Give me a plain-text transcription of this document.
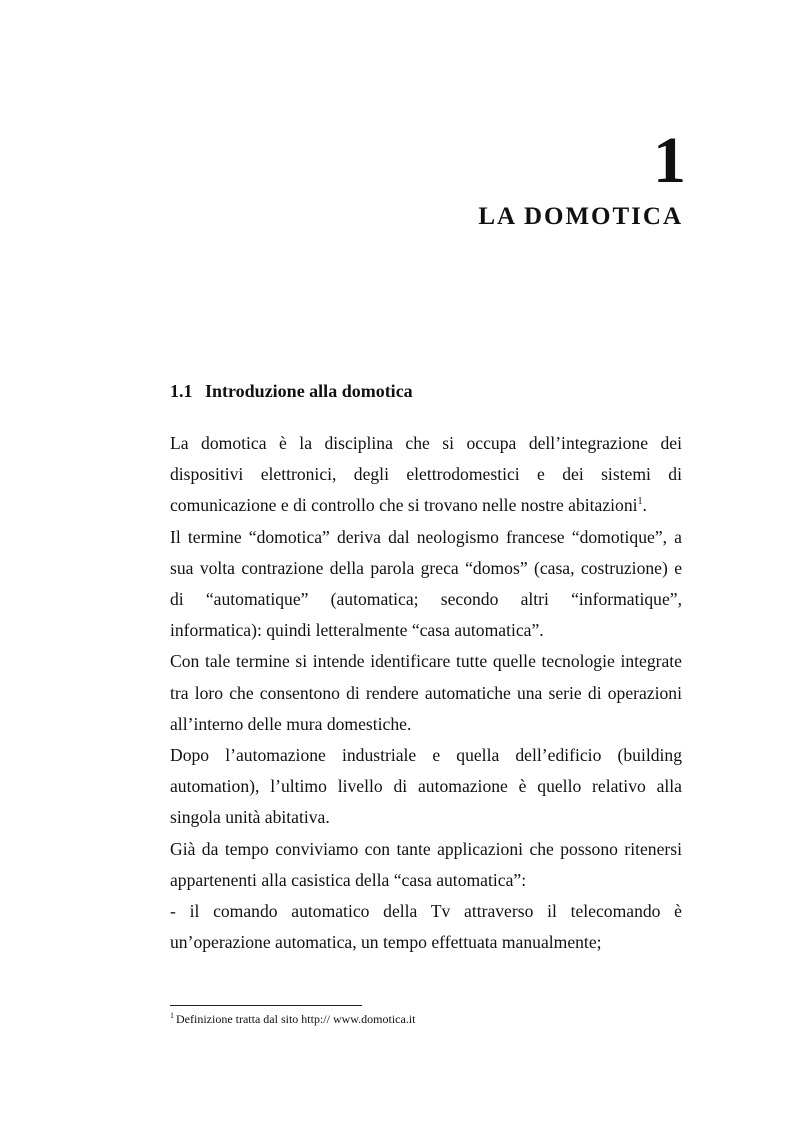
1
LA DOMOTICA
1.1 Introduzione alla domotica

La domotica è la disciplina che si occupa dell’integrazione dei dispositivi elettronici, degli elettrodomestici e dei sistemi di comunicazione e di controllo che si trovano nelle nostre abitazioni$^1$.

Il termine “domotica” deriva dal neologismo francese “domotique”, a sua volta contrazione della parola greca “domos” (casa, costruzione) e di “automatique” (automatica; secondo altri “informatique”, informatica): quindi letteralmente “casa automatica”.

Con tale termine si intende identificare tutte quelle tecnologie integrate tra loro che consentono di rendere automatiche una serie di operazioni all’interno delle mura domestiche.

Dopo l’automazione industriale e quella dell’edificio (building automation), l’ultimo livello di automazione è quello relativo alla singola unità abitativa.

Già da tempo conviviamo con tante applicazioni che possono ritenersi appartenenti alla casistica della “casa automatica”:

- il comando automatico della Tv attraverso il telecomando è un’operazione automatica, un tempo effettuata manualmente;

$^1$ Definizione tratta dal sito http:// www.domotica.it
